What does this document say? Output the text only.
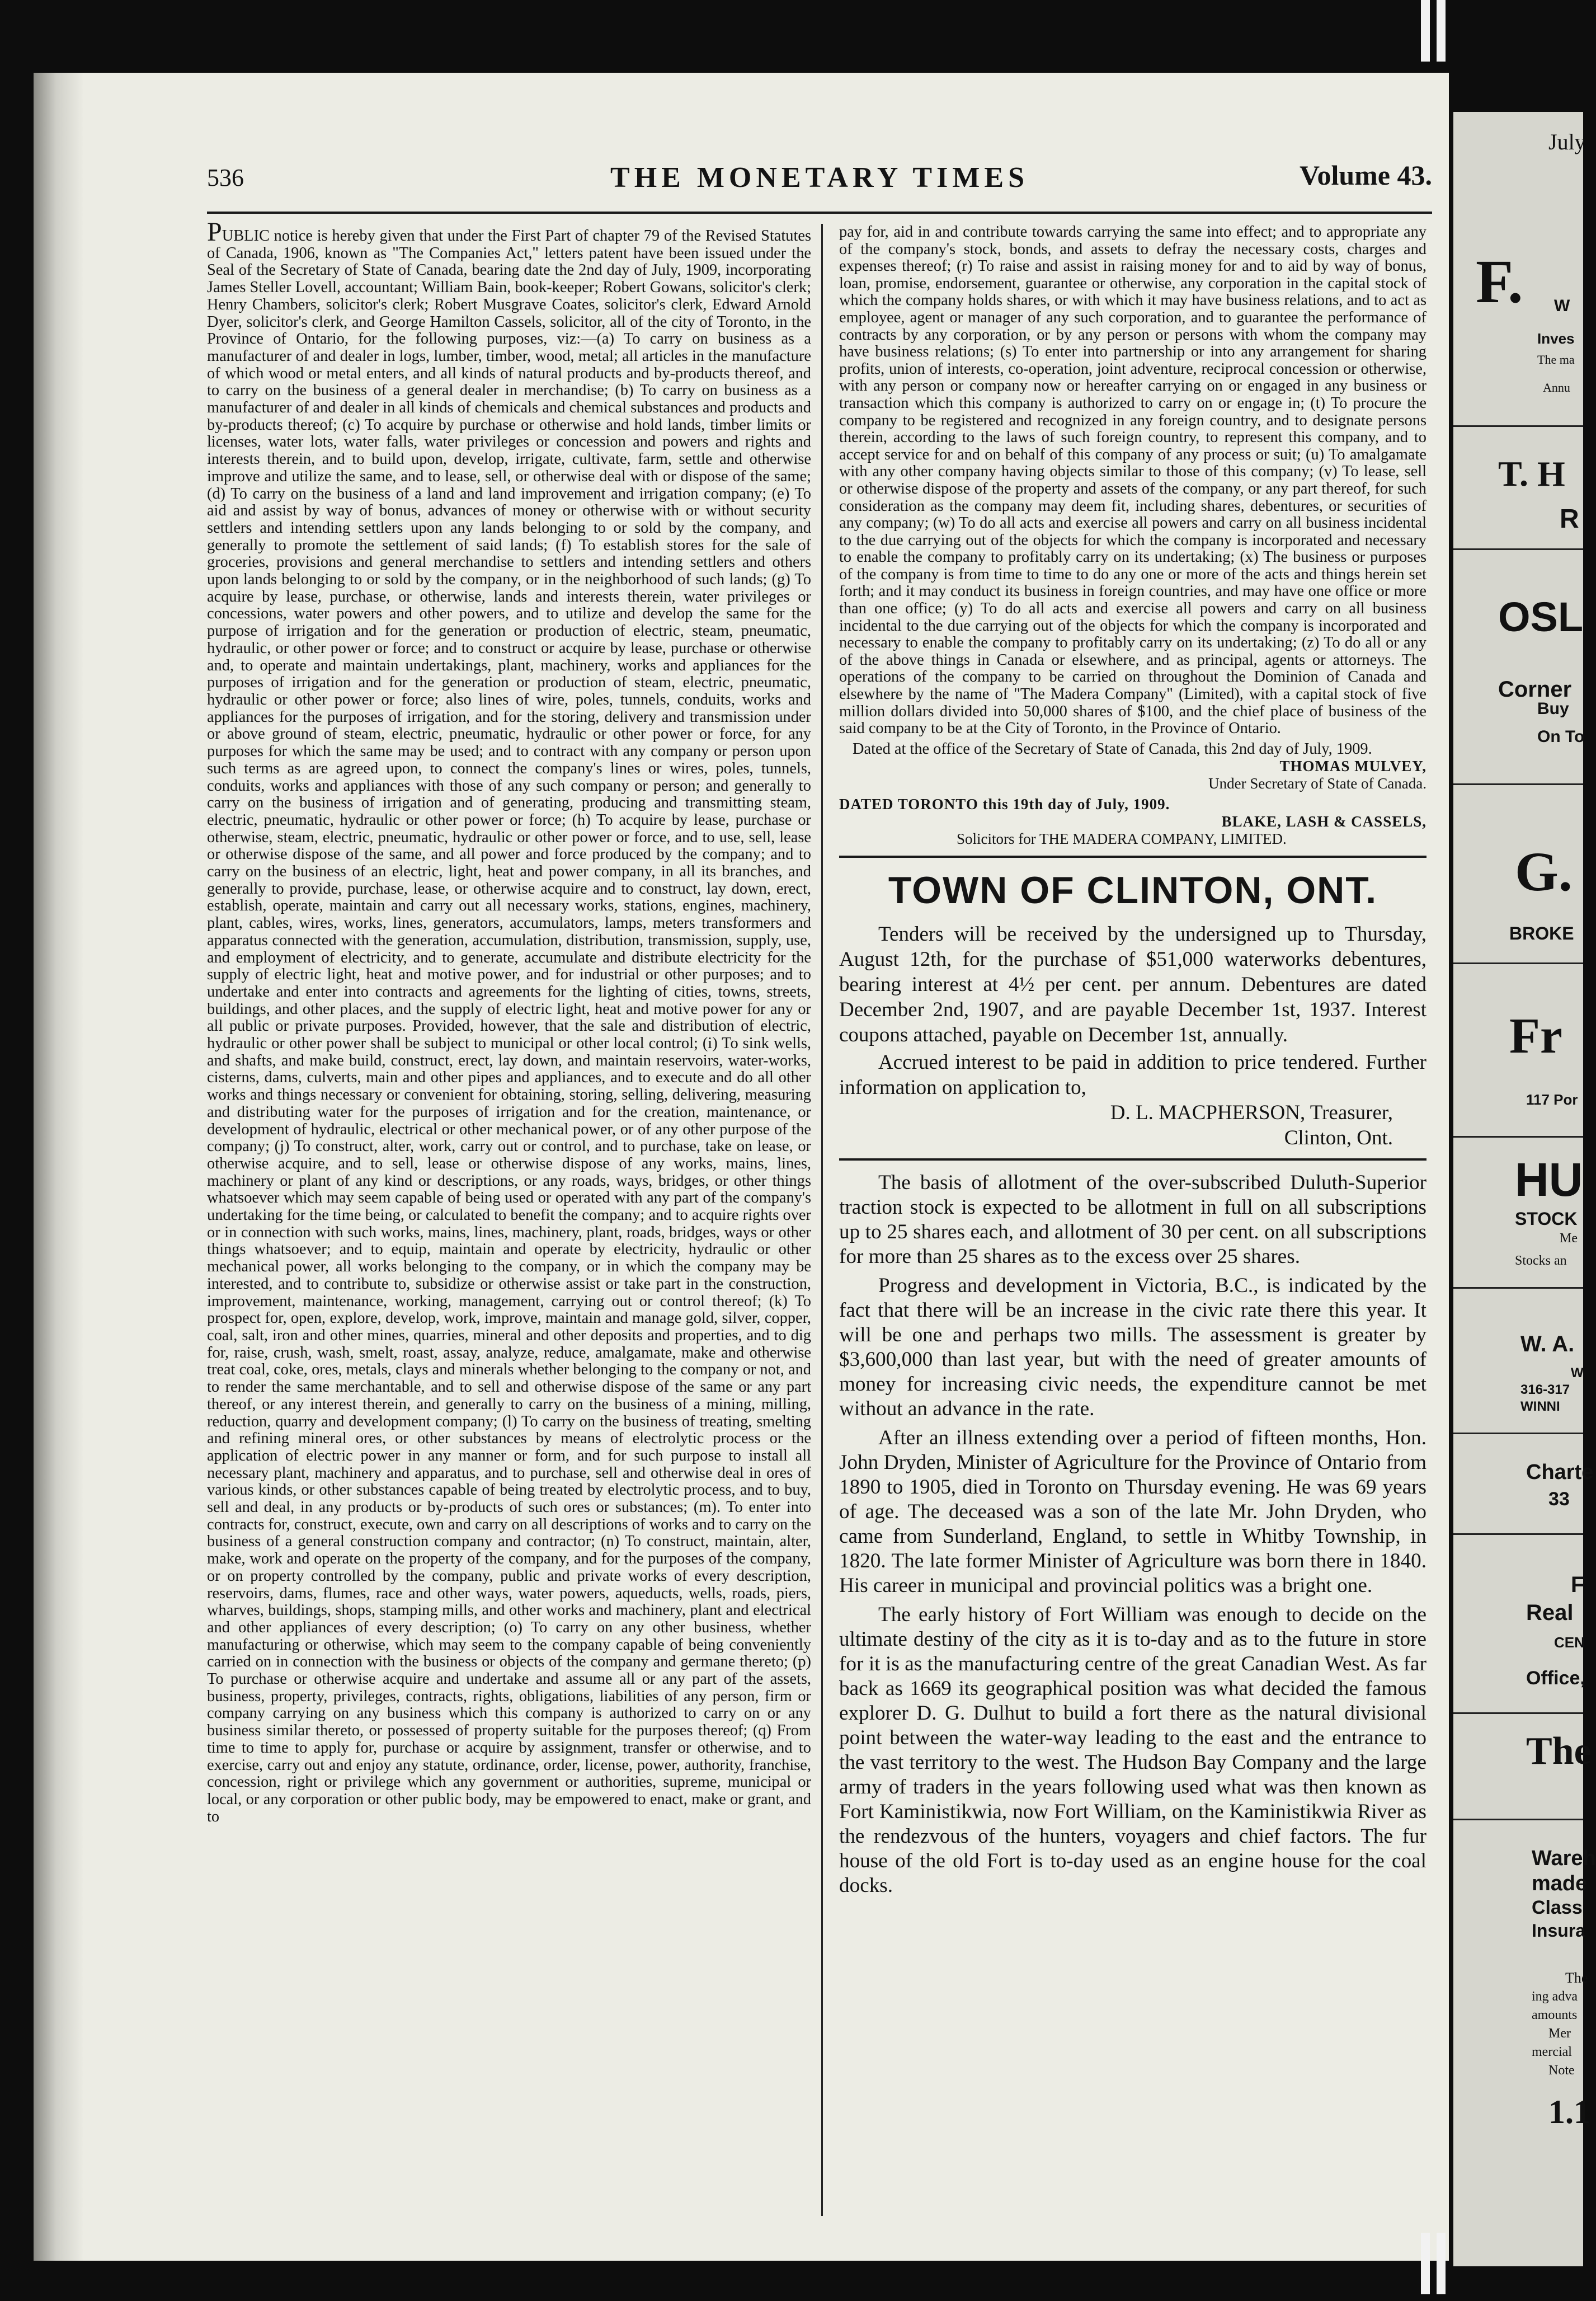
536	THE MONETARY TIMES	Volume 43.

PUBLIC notice is hereby given that under the First Part of chapter 79 of the Revised Statutes of Canada, 1906, known as "The Companies Act," letters patent have been issued under the Seal of the Secretary of State of Canada, bearing date the 2nd day of July, 1909, incorporating James Steller Lovell, accountant; William Bain, book-keeper; Robert Gowans, solicitor's clerk; Henry Chambers, solicitor's clerk; Robert Musgrave Coates, solicitor's clerk, Edward Arnold Dyer, solicitor's clerk, and George Hamilton Cassels, solicitor, all of the city of Toronto, in the Province of Ontario, for the following purposes, viz:—(a) To carry on business as a manufacturer of and dealer in logs, lumber, timber, wood, metal; all articles in the manufacture of which wood or metal enters, and all kinds of natural products and by-products thereof, and to carry on the business of a general dealer in merchandise; (b) To carry on business as a manufacturer of and dealer in all kinds of chemicals and chemical substances and products and by-products thereof; (c) To acquire by purchase or otherwise and hold lands, timber limits or licenses, water lots, water falls, water privileges or concession and powers and rights and interests therein, and to build upon, develop, irrigate, cultivate, farm, settle and otherwise improve and utilize the same, and to lease, sell, or otherwise deal with or dispose of the same; (d) To carry on the business of a land and land improvement and irrigation company; (e) To aid and assist by way of bonus, advances of money or otherwise with or without security settlers and intending settlers upon any lands belonging to or sold by the company, and generally to promote the settlement of said lands; (f) To establish stores for the sale of groceries, provisions and general merchandise to settlers and intending settlers and others upon lands belonging to or sold by the company, or in the neighborhood of such lands; (g) To acquire by lease, purchase, or otherwise, lands and interests therein, water privileges or concessions, water powers and other powers, and to utilize and develop the same for the purpose of irrigation and for the generation or production of electric, steam, pneumatic, hydraulic, or other power or force; and to construct or acquire by lease, purchase or otherwise and, to operate and maintain undertakings, plant, machinery, works and appliances for the purposes of irrigation and for the generation or production of steam, electric, pneumatic, hydraulic or other power or force; also lines of wire, poles, tunnels, conduits, works and appliances for the purposes of irrigation, and for the storing, delivery and transmission under or above ground of steam, electric, pneumatic, hydraulic or other power or force, for any purposes for which the same may be used; and to contract with any company or person upon such terms as are agreed upon, to connect the company's lines or wires, poles, tunnels, conduits, works and appliances with those of any such company or person; and generally to carry on the business of irrigation and of generating, producing and transmitting steam, electric, pneumatic, hydraulic or other power or force; (h) To acquire by lease, purchase or otherwise, steam, electric, pneumatic, hydraulic or other power or force, and to use, sell, lease or otherwise dispose of the same, and all power and force produced by the company; and to carry on the business of an electric, light, heat and power company, in all its branches, and generally to provide, purchase, lease, or otherwise acquire and to construct, lay down, erect, establish, operate, maintain and carry out all necessary works, stations, engines, machinery, plant, cables, wires, works, lines, generators, accumulators, lamps, meters transformers and apparatus connected with the generation, accumulation, distribution, transmission, supply, use, and employment of electricity, and to generate, accumulate and distribute electricity for the supply of electric light, heat and motive power, and for industrial or other purposes; and to undertake and enter into contracts and agreements for the lighting of cities, towns, streets, buildings, and other places, and the supply of electric light, heat and motive power for any or all public or private purposes. Provided, however, that the sale and distribution of electric, hydraulic or other power shall be subject to municipal or other local control; (i) To sink wells, and shafts, and make build, construct, erect, lay down, and maintain reservoirs, water-works, cisterns, dams, culverts, main and other pipes and appliances, and to execute and do all other works and things necessary or convenient for obtaining, storing, selling, delivering, measuring and distributing water for the purposes of irrigation and for the creation, maintenance, or development of hydraulic, electrical or other mechanical power, or of any other purpose of the company; (j) To construct, alter, work, carry out or control, and to purchase, take on lease, or otherwise acquire, and to sell, lease or otherwise dispose of any works, mains, lines, machinery or plant of any kind or descriptions, or any roads, ways, bridges, or other things whatsoever which may seem capable of being used or operated with any part of the company's undertaking for the time being, or calculated to benefit the company; and to acquire rights over or in connection with such works, mains, lines, machinery, plant, roads, bridges, ways or other things whatsoever; and to equip, maintain and operate by electricity, hydraulic or other mechanical power, all works belonging to the company, or in which the company may be interested, and to contribute to, subsidize or otherwise assist or take part in the construction, improvement, maintenance, working, management, carrying out or control thereof; (k) To prospect for, open, explore, develop, work, improve, maintain and manage gold, silver, copper, coal, salt, iron and other mines, quarries, mineral and other deposits and properties, and to dig for, raise, crush, wash, smelt, roast, assay, analyze, reduce, amalgamate, make and otherwise treat coal, coke, ores, metals, clays and minerals whether belonging to the company or not, and to render the same merchantable, and to sell and otherwise dispose of the same or any part thereof, or any interest therein, and generally to carry on the business of a mining, milling, reduction, quarry and development company; (l) To carry on the business of treating, smelting and refining mineral ores, or other substances by means of electrolytic process or the application of electric power in any manner or form, and for such purpose to install all necessary plant, machinery and apparatus, and to purchase, sell and otherwise deal in ores of various kinds, or other substances capable of being treated by electrolytic process, and to buy, sell and deal, in any products or by-products of such ores or substances; (m). To enter into contracts for, construct, execute, own and carry on all descriptions of works and to carry on the business of a general construction company and contractor; (n) To construct, maintain, alter, make, work and operate on the property of the company, and for the purposes of the company, or on property controlled by the company, public and private works of every description, reservoirs, dams, flumes, race and other ways, water powers, aqueducts, wells, roads, piers, wharves, buildings, shops, stamping mills, and other works and machinery, plant and electrical and other appliances of every description; (o) To carry on any other business, whether manufacturing or otherwise, which may seem to the company capable of being conveniently carried on in connection with the business or objects of the company and germane thereto; (p) To purchase or otherwise acquire and undertake and assume all or any part of the assets, business, property, privileges, contracts, rights, obligations, liabilities of any person, firm or company carrying on any business which this company is authorized to carry on or any business similar thereto, or possessed of property suitable for the purposes thereof; (q) From time to time to apply for, purchase or acquire by assignment, transfer or otherwise, and to exercise, carry out and enjoy any statute, ordinance, order, license, power, authority, franchise, concession, right or privilege which any government or authorities, supreme, municipal or local, or any corporation or other public body, may be empowered to enact, make or grant, and to

pay for, aid in and contribute towards carrying the same into effect; and to appropriate any of the company's stock, bonds, and assets to defray the necessary costs, charges and expenses thereof; (r) To raise and assist in raising money for and to aid by way of bonus, loan, promise, endorsement, guarantee or otherwise, any corporation in the capital stock of which the company holds shares, or with which it may have business relations, and to act as employee, agent or manager of any such corporation, and to guarantee the performance of contracts by any corporation, or by any person or persons with whom the company may have business relations; (s) To enter into partnership or into any arrangement for sharing profits, union of interests, co-operation, joint adventure, reciprocal concession or otherwise, with any person or company now or hereafter carrying on or engaged in any business or transaction which this company is authorized to carry on or engage in; (t) To procure the company to be registered and recognized in any foreign country, and to designate persons therein, according to the laws of such foreign country, to represent this company, and to accept service for and on behalf of this company of any process or suit; (u) To amalgamate with any other company having objects similar to those of this company; (v) To lease, sell or otherwise dispose of the property and assets of the company, or any part thereof, for such consideration as the company may deem fit, including shares, debentures, or securities of any company; (w) To do all acts and exercise all powers and carry on all business incidental to the due carrying out of the objects for which the company is incorporated and necessary to enable the company to profitably carry on its undertaking; (x) The business or purposes of the company is from time to time to do any one or more of the acts and things herein set forth; and it may conduct its business in foreign countries, and may have one office or more than one office; (y) To do all acts and exercise all powers and carry on all business incidental to the due carrying out of the objects for which the company is incorporated and necessary to enable the company to profitably carry on its undertaking; (z) To do all or any of the above things in Canada or elsewhere, and as principal, agents or attorneys. The operations of the company to be carried on throughout the Dominion of Canada and elsewhere by the name of "The Madera Company" (Limited), with a capital stock of five million dollars divided into 50,000 shares of $100, and the chief place of business of the said company to be at the City of Toronto, in the Province of Ontario.

Dated at the office of the Secretary of State of Canada, this 2nd day of July, 1909.

THOMAS MULVEY,

Under Secretary of State of Canada.

DATED TORONTO this 19th day of July, 1909.

BLAKE, LASH & CASSELS,

Solicitors for THE MADERA COMPANY, LIMITED.

TOWN OF CLINTON, ONT.

Tenders will be received by the undersigned up to Thursday, August 12th, for the purchase of $51,000 waterworks debentures, bearing interest at 4½ per cent. per annum. Debentures are dated December 2nd, 1907, and are payable December 1st, 1937. Interest coupons attached, payable on December 1st, annually.

Accrued interest to be paid in addition to price tendered. Further information on application to,

D. L. MACPHERSON, Treasurer,

Clinton, Ont.

The basis of allotment of the over-subscribed Duluth-Superior traction stock is expected to be allotment in full on all subscriptions up to 25 shares each, and allotment of 30 per cent. on all subscriptions for more than 25 shares as to the excess over 25 shares.

Progress and development in Victoria, B.C., is indicated by the fact that there will be an increase in the civic rate there this year. It will be one and perhaps two mills. The assessment is greater by $3,600,000 than last year, but with the need of greater amounts of money for increasing civic needs, the expenditure cannot be met without an advance in the rate.

After an illness extending over a period of fifteen months, Hon. John Dryden, Minister of Agriculture for the Province of Ontario from 1890 to 1905, died in Toronto on Thursday evening. He was 69 years of age. The deceased was a son of the late Mr. John Dryden, who came from Sunderland, England, to settle in Whitby Township, in 1820. The late former Minister of Agriculture was born there in 1840. His career in municipal and provincial politics was a bright one.

The early history of Fort William was enough to decide on the ultimate destiny of the city as it is to-day and as to the future in store for it is as the manufacturing centre of the great Canadian West. As far back as 1669 its geographical position was what decided the famous explorer D. G. Dulhut to build a fort there as the natural divisional point between the water-way leading to the east and the entrance to the vast territory to the west. The Hudson Bay Company and the large army of traders in the years following used what was then known as Fort Kaministikwia, now Fort William, on the Kaministikwia River as the rendezvous of the hunters, voyagers and chief factors. The fur house of the old Fort is to-day used as an engine house for the coal docks.

July
F. W
Inves
The ma
Annu
T. H
R
OSL
Corner
Buy
On To
G.
BROKE
Fr
117 Por
HU
STOCK
Me
Stocks an
W. A.
W
316-317
WINNI
Charte
33
F
Real
CEN
Office,
The
Wareh
made
Class
Insura
The
ing adva
amounts
Mer
mercial
Note
1.1
